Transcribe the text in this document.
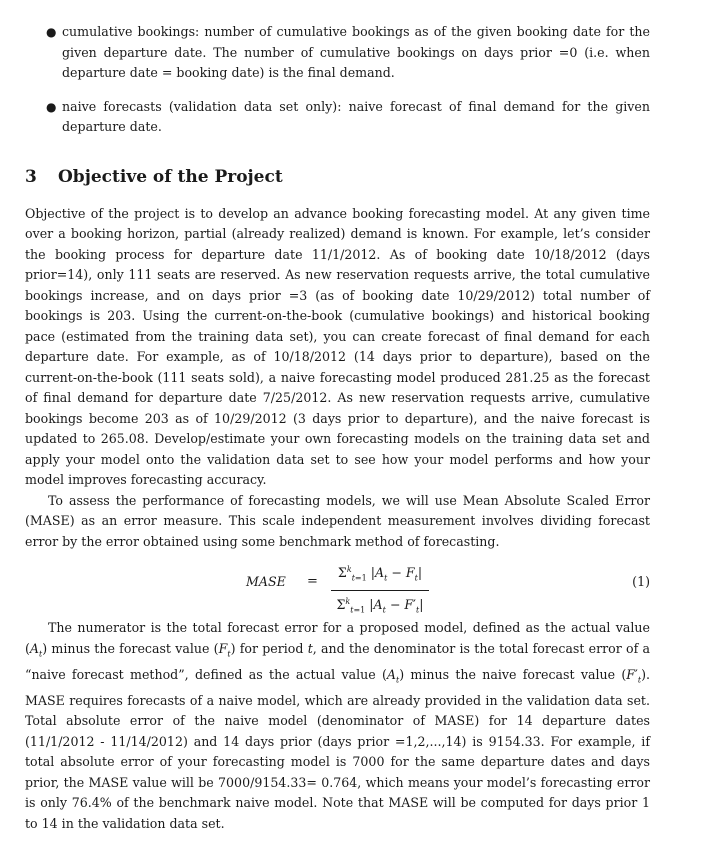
● cumulative bookings: number of cumulative bookings as of the given booking date for the given departure date. The number of cumulative bookings on days prior =0 (i.e. when departure date = booking date) is the final demand.
● naive forecasts (validation data set only): naive forecast of final demand for the given departure date.
3 Objective of the Project

Objective of the project is to develop an advance booking forecasting model. At any given time over a booking horizon, partial (already realized) demand is known. For example, let’s consider the booking process for departure date 11/1/2012. As of booking date 10/18/2012 (days prior=14), only 111 seats are reserved. As new reservation requests arrive, the total cumulative bookings increase, and on days prior =3 (as of booking date 10/29/2012) total number of bookings is 203. Using the current-on-the-book (cumulative bookings) and historical booking pace (estimated from the training data set), you can create forecast of final demand for each departure date. For example, as of 10/18/2012 (14 days prior to departure), based on the current-on-the-book (111 seats sold), a naive forecasting model produced 281.25 as the forecast of final demand for departure date 7/25/2012. As new reservation requests arrive, cumulative bookings become 203 as of 10/29/2012 (3 days prior to departure), and the naive forecast is updated to 265.08. Develop/estimate your own forecasting models on the training data set and apply your model onto the validation data set to see how your model performs and how your model improves forecasting accuracy.

To assess the performance of forecasting models, we will use Mean Absolute Scaled Error (MASE) as an error measure. This scale independent measurement involves dividing forecast error by the error obtained using some benchmark method of forecasting.

MASE =
$\Sigma^k_{t=1}$ $|A_t - F_t|$
$\Sigma^k_{t=1}$ $|A_t - F'_t|$
(1)

The numerator is the total forecast error for a proposed model, defined as the actual value $(A_t)$ minus the forecast value $(F_t)$ for period t, and the denominator is the total forecast error of a “naive forecast method”, defined as the actual value $(A_t)$ minus the naive forecast value $(F'_t)$. MASE requires forecasts of a naive model, which are already provided in the validation data set. Total absolute error of the naive model (denominator of MASE) for 14 departure dates (11/1/2012 - 11/14/2012) and 14 days prior (days prior =1,2,...,14) is 9154.33. For example, if total absolute error of your forecasting model is 7000 for the same departure dates and days prior, the MASE value will be 7000/9154.33= 0.764, which means your model’s forecasting error is only 76.4% of the benchmark naive model. Note that MASE will be computed for days prior 1 to 14 in the validation data set.
